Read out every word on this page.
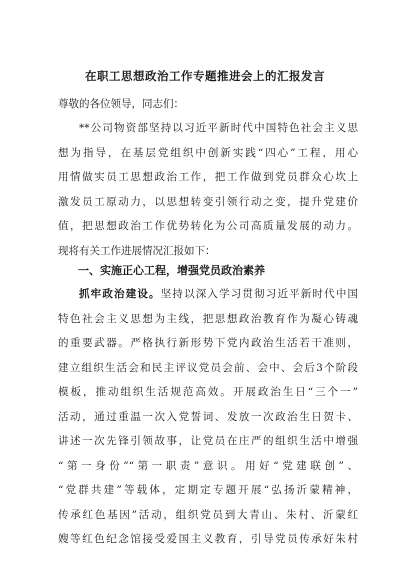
在职工思想政治工作专题推进会上的汇报发言
尊敬的各位领导，同志们：
**公司物资部坚持以习近平新时代中国特色社会主义思
想为指导，在基层党组织中创新实践“四心”工程，用心
用情做实员工思想政治工作，把工作做到党员群众心坎上
激发员工原动力，以思想转变引领行动之变，提升党建价
值，把思想政治工作优势转化为公司高质量发展的动力。
现将有关工作进展情况汇报如下：
一、实施正心工程，增强党员政治素养
抓牢政治建设。坚持以深入学习贯彻习近平新时代中国
特色社会主义思想为主线，把思想政治教育作为凝心铸魂
的重要武器。严格执行新形势下党内政治生活若干准则，
建立组织生活会和民主评议党员会前、会中、会后3个阶段
模板，推动组织生活规范高效。开展政治生日“三个一”
活动，通过重温一次入党誓词、发放一次政治生日贺卡、
讲述一次先锋引领故事，让党员在庄严的组织生活中增强
“第一身份”“第一职责”意识。用好“党建联创”、
“党群共建”等载体，定期定专题开展“弘扬沂蒙精神，
传承红色基因”活动，组织党员到大青山、朱村、沂蒙红
嫂等红色纪念馆接受爱国主义教育，引导党员传承好朱村
